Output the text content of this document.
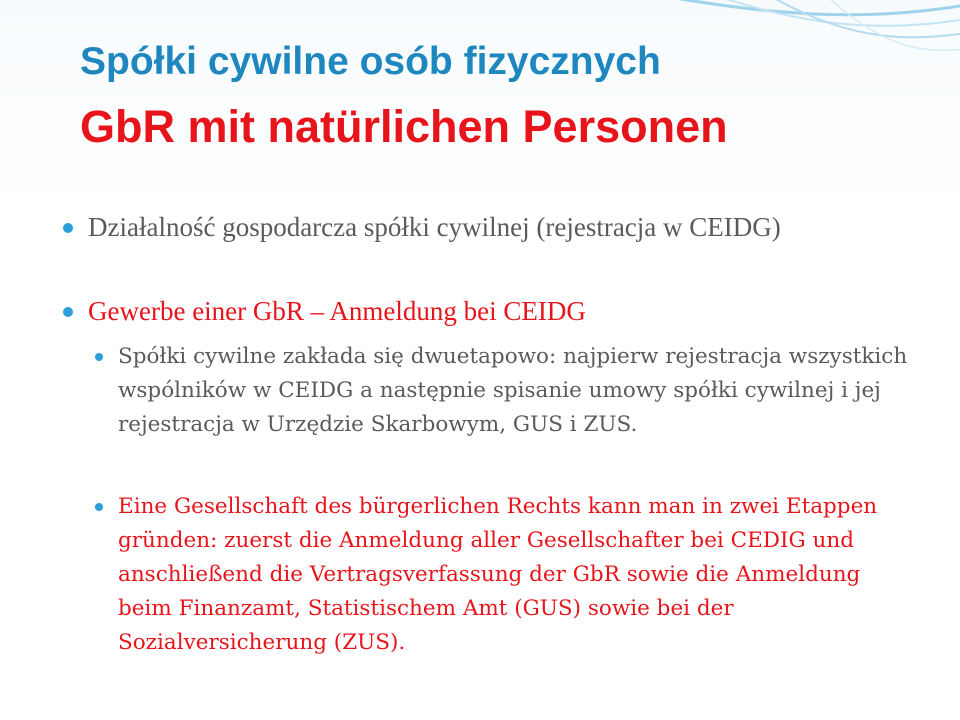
Spółki cywilne osób fizycznych
GbR mit natürlichen Personen
Działalność gospodarcza spółki cywilnej (rejestracja w CEIDG)
Gewerbe einer GbR – Anmeldung bei CEIDG
Spółki cywilne zakłada się dwuetapowo: najpierw rejestracja wszystkich wspólników w CEIDG a następnie spisanie umowy spółki cywilnej i jej rejestracja w Urzędzie Skarbowym, GUS i ZUS.
Eine Gesellschaft des bürgerlichen Rechts kann man in zwei Etappen gründen: zuerst die Anmeldung aller Gesellschafter bei CEDIG und anschließend die Vertragsverfassung der GbR sowie die Anmeldung beim Finanzamt, Statistischem Amt (GUS) sowie bei der Sozialversicherung (ZUS).
